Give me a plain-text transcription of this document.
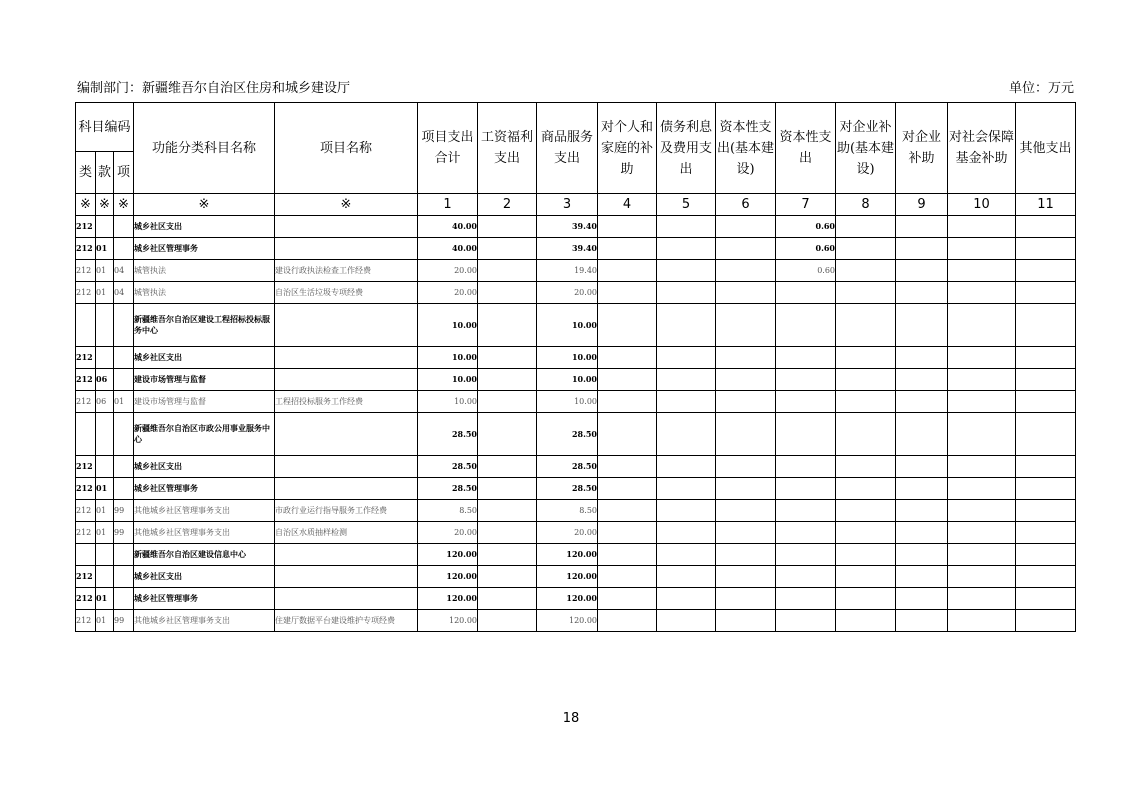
编制部门：新疆维吾尔自治区住房和城乡建设厅	单位：万元
科目编码			功能分类科目名称	项目名称	项目支出合计	工资福利支出	商品服务支出	对个人和家庭的补助	债务利息及费用支出	资本性支出(基本建设)	资本性支出	对企业补助(基本建设)	对企业补助	对社会保障基金补助	其他支出
类	款	项													
※	※	※	※	※	1	2	3	4	5	6	7	8	9	10	11
212			城乡社区支出		40.00		39.40				0.60				
212	01		城乡社区管理事务		40.00		39.40				0.60				
212	01	04	城管执法	建设行政执法检查工作经费	20.00		19.40				0.60				
212	01	04	城管执法	自治区生活垃圾专项经费	20.00		20.00								
			新疆维吾尔自治区建设工程招标投标服务中心		10.00		10.00								
212			城乡社区支出		10.00		10.00								
212	06		建设市场管理与监督		10.00		10.00								
212	06	01	建设市场管理与监督	工程招投标服务工作经费	10.00		10.00								
			新疆维吾尔自治区市政公用事业服务中心		28.50		28.50								
212			城乡社区支出		28.50		28.50								
212	01		城乡社区管理事务		28.50		28.50								
212	01	99	其他城乡社区管理事务支出	市政行业运行指导服务工作经费	8.50		8.50								
212	01	99	其他城乡社区管理事务支出	自治区水质抽样检测	20.00		20.00								
			新疆维吾尔自治区建设信息中心		120.00		120.00								
212			城乡社区支出		120.00		120.00								
212	01		城乡社区管理事务		120.00		120.00								
212	01	99	其他城乡社区管理事务支出	住建厅数据平台建设维护专项经费	120.00		120.00								
18
